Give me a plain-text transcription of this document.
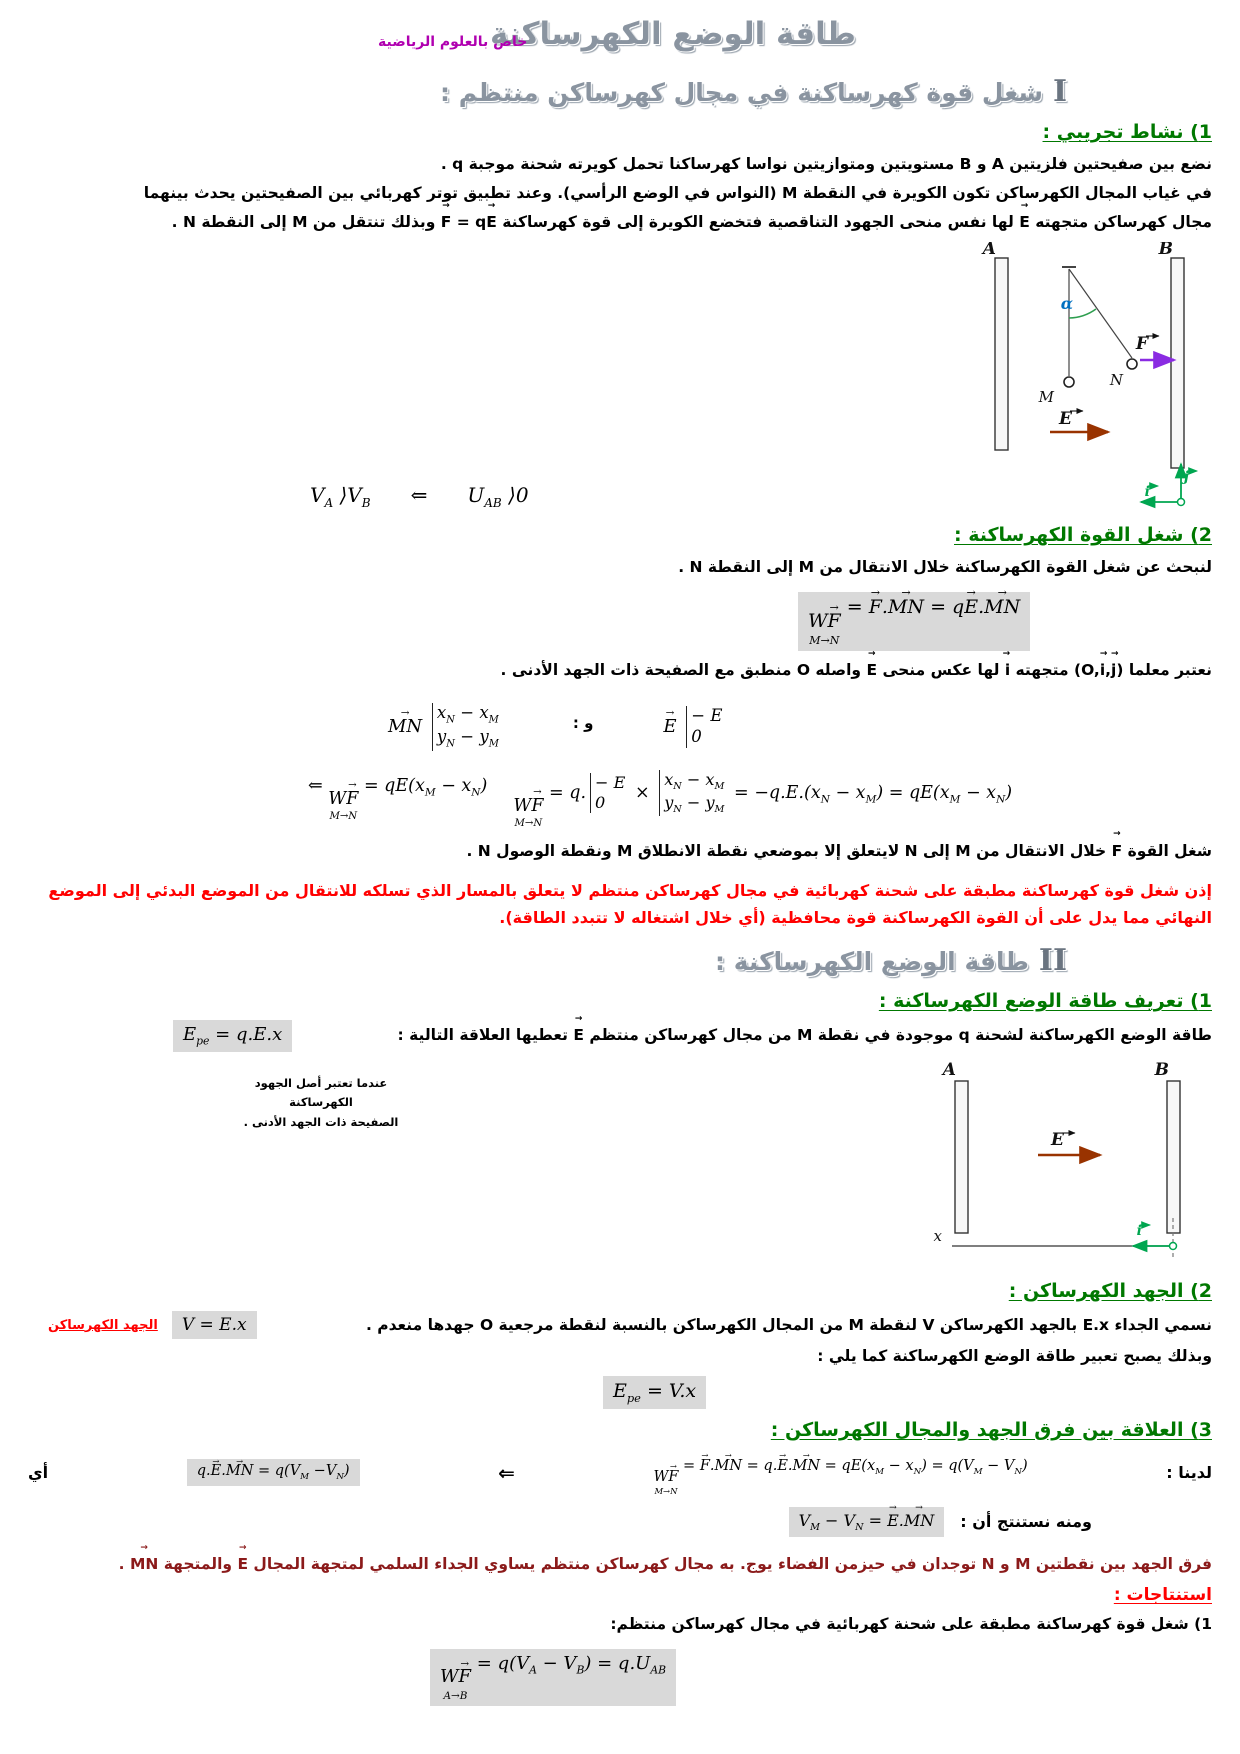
طاقة الوضع الكهرساكنة
خاص بالعلوم الرياضية
Iشغل قوة كهرساكنة في مجال كهرساكن منتظم :
1) نشاط تجريبي :

نضع بين صفيحتين فلزيتين A و B مستويتين ومتوازيتين نواسا كهرساكنا تحمل كويرته شحنة موجبة q .

في غياب المجال الكهرساكن تكون الكويرة في النقطة M (النواس في الوضع الرأسي). وعند تطبيق توتر كهربائي بين الصفيحتين يحدث بينهما

مجال كهرساكن متجهته → E لها نفس منحى الجهود التناقصية فتخضع الكويرة إلى قوة كهرساكنة → F = q→ E وبذلك تنتقل من M إلى النقطة N .

A	B
α
M
N
F
E
i
j
$V_A$ $⟩V_B$  ⇐  $U_{AB}$ ⟩0
2) شغل القوة الكهرساكنة :

لنبحث عن شغل القوة الكهرساكنة خلال الانتقال من M إلى النقطة N .

W→ F
M→N
= → F.→ MN = q→ E.→ MN

نعتبر معلما (O,→ i,→ j) متجهته → i لها عكس منحى → E واصله O منطبق مع الصفيحة ذات الجهد الأدنى .

→ MN
$x_N - x_M$
$y_N - y_M$
و :	→ E
− E
0
⇐
W→ F
M→N
= $qE(x_M - x_N)$
W→ F
M→N
= q.
− E
0 ×
$x_N - x_M$
$y_N - y_M$
= $-q.E.(x_N - x_M) = qE(x_M - x_N)$

شغل القوة → F خلال الانتقال من M إلى N لايتعلق إلا بموضعي نقطة الانطلاق M ونقطة الوصول N .

إذن شغل قوة كهرساكنة مطبقة على شحنة كهربائية في مجال كهرساكن منتظم لا يتعلق بالمسار الذي تسلكه للانتقال من الموضع البدئي إلى الموضع النهائي مما يدل على أن القوة الكهرساكنة قوة محافظية (أي خلال اشتغاله لا تتبدد الطاقة).

IIطاقة الوضع الكهرساكنة :
1) تعريف طاقة الوضع الكهرساكنة :

طاقة الوضع الكهرساكنة لشحنة q موجودة في نقطة M من مجال كهرساكن منتظم → E تعطيها العلاقة التالية :

$E_{pe} = q.E.x$
A	B
E
x	i
عندما تعتبر أصل الجهود الكهرساكنة
الصفيحة ذات الجهد الأدنى .
2) الجهد الكهرساكن :

نسمي الجداء E.x بالجهد الكهرساكن V لنقطة M من المجال الكهرساكن بالنسبة لنقطة مرجعية O جهدها منعدم .

V = E.x
الجهد الكهرساكن

وبذلك يصبح تعبير طاقة الوضع الكهرساكنة كما يلي :

$E_{pe} = V.x$
3) العلاقة بين فرق الجهد والمجال الكهرساكن :
لدينا :
W→ F
M→N
= → F.→ MN = q.→ E.→ MN = $qE(x_M - x_N) = q(V_M - V_N)$
⇐
q.→ E.→ MN = $q(V_M -V_N)$
أي
ومنه نستنتج أن :
$V_M - V_N$ = → E.→ MN

فرق الجهد بين نقطتين M و N توجدان في حيزمن الفضاء يوج. به مجال كهرساكن منتظم يساوي الجداء السلمي لمتجهة المجال → E والمتجهة → MN .

استنتاجات :

1) شغل قوة كهرساكنة مطبقة على شحنة كهربائية في مجال كهرساكن منتظم:

W→ F
A→B
= $q(V_A - V_B) = q.U_{AB}$
